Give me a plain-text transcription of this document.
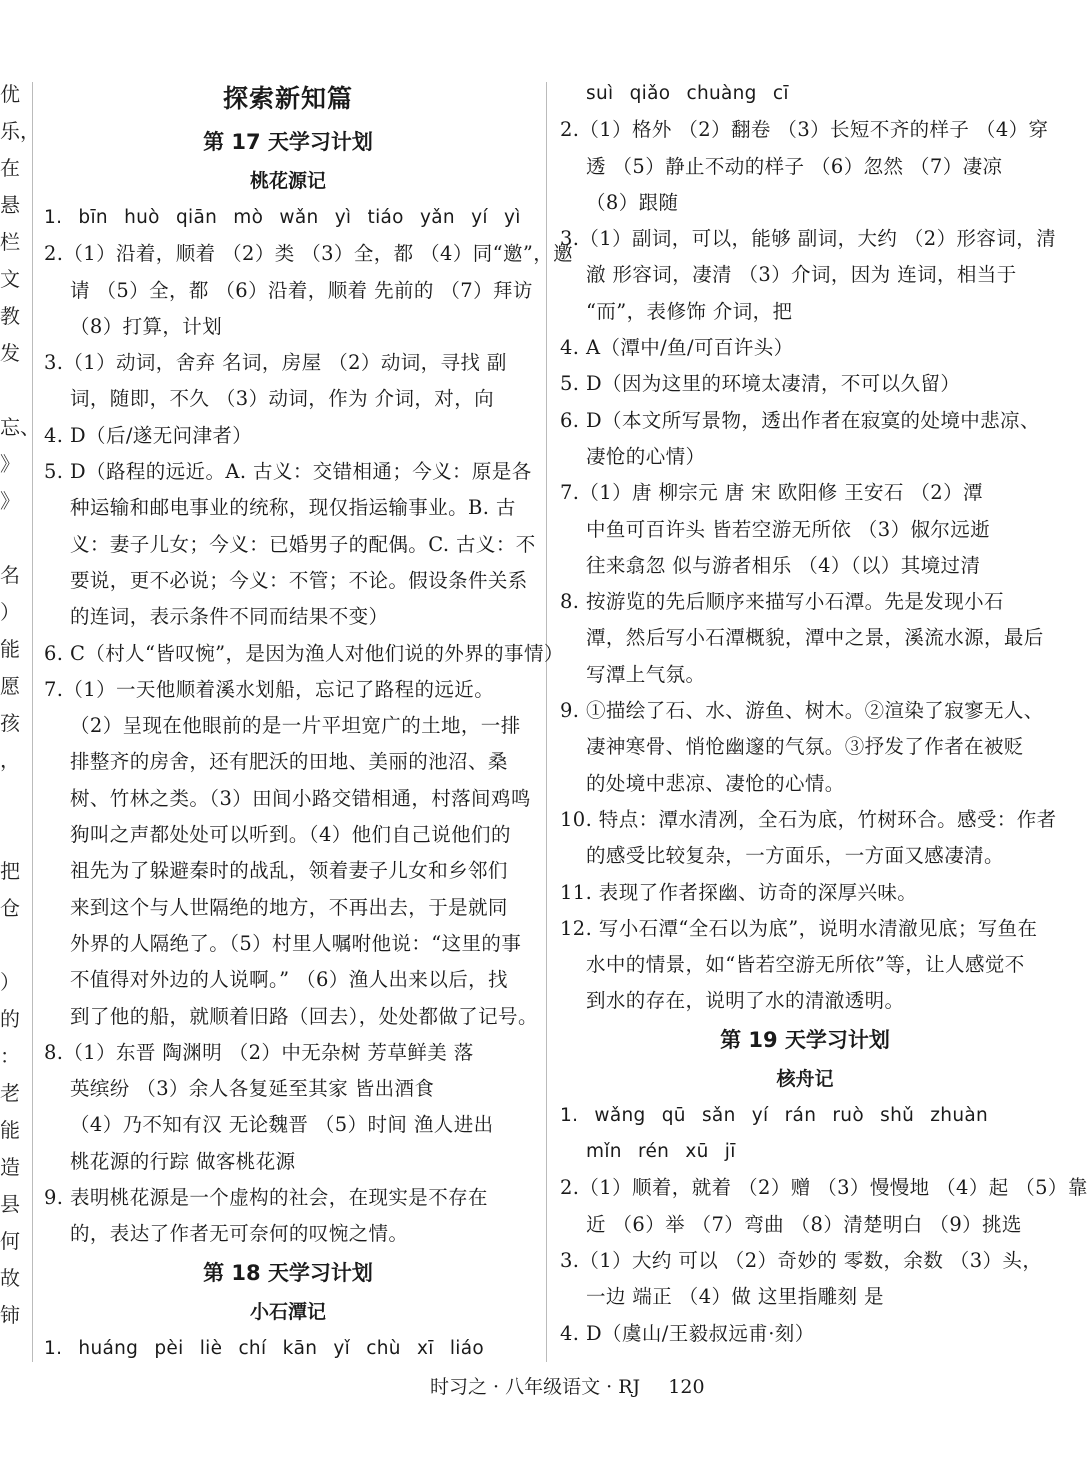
优
乐，
在
悬
栏
文
教
发
忘、
》
》
名
）
能
愿
孩
，
把
仓
）
的
：
老
能
造
县
何
故
铈
探索新知篇
第 17 天学习计划
桃花源记
1. bīn huò qiān mò wǎn yì tiáo yǎn yí yì
2.（1）沿着，顺着 （2）类 （3）全，都 （4）同“邀”，邀
请 （5）全，都 （6）沿着，顺着 先前的 （7）拜访
（8）打算，计划
3.（1）动词，舍弃 名词，房屋 （2）动词，寻找 副
词，随即，不久 （3）动词，作为 介词，对，向
4. D（后/遂无问津者）
5. D（路程的远近。A. 古义：交错相通；今义：原是各
种运输和邮电事业的统称，现仅指运输事业。B. 古
义：妻子儿女；今义：已婚男子的配偶。C. 古义：不
要说，更不必说；今义：不管；不论。假设条件关系
的连词，表示条件不同而结果不变）
6. C（村人“皆叹惋”，是因为渔人对他们说的外界的事情）
7.（1）一天他顺着溪水划船，忘记了路程的远近。
（2）呈现在他眼前的是一片平坦宽广的土地，一排
排整齐的房舍，还有肥沃的田地、美丽的池沼、桑
树、竹林之类。（3）田间小路交错相通，村落间鸡鸣
狗叫之声都处处可以听到。（4）他们自己说他们的
祖先为了躲避秦时的战乱，领着妻子儿女和乡邻们
来到这个与人世隔绝的地方，不再出去，于是就同
外界的人隔绝了。（5）村里人嘱咐他说：“这里的事
不值得对外边的人说啊。” （6）渔人出来以后，找
到了他的船，就顺着旧路（回去），处处都做了记号。
8.（1）东晋 陶渊明 （2）中无杂树 芳草鲜美 落
英缤纷 （3）余人各复延至其家 皆出酒食
（4）乃不知有汉 无论魏晋 （5）时间 渔人进出
桃花源的行踪 做客桃花源
9. 表明桃花源是一个虚构的社会，在现实是不存在
的，表达了作者无可奈何的叹惋之情。
第 18 天学习计划
小石潭记
1. huáng pèi liè chí kān yǐ chù xī liáo
suì qiǎo chuàng cī
2.（1）格外 （2）翻卷 （3）长短不齐的样子 （4）穿
透 （5）静止不动的样子 （6）忽然 （7）凄凉
（8）跟随
3.（1）副词，可以，能够 副词，大约 （2）形容词，清
澈 形容词，凄清 （3）介词，因为 连词，相当于
“而”，表修饰 介词，把
4. A（潭中/鱼/可百许头）
5. D（因为这里的环境太凄清，不可以久留）
6. D（本文所写景物，透出作者在寂寞的处境中悲凉、
凄怆的心情）
7.（1）唐 柳宗元 唐 宋 欧阳修 王安石 （2）潭
中鱼可百许头 皆若空游无所依 （3）俶尔远逝
往来翕忽 似与游者相乐 （4）（以）其境过清
8. 按游览的先后顺序来描写小石潭。先是发现小石
潭，然后写小石潭概貌，潭中之景，溪流水源，最后
写潭上气氛。
9. ①描绘了石、水、游鱼、树木。②渲染了寂寥无人、
凄神寒骨、悄怆幽邃的气氛。③抒发了作者在被贬
的处境中悲凉、凄怆的心情。
10. 特点：潭水清冽，全石为底，竹树环合。感受：作者
的感受比较复杂，一方面乐，一方面又感凄清。
11. 表现了作者探幽、访奇的深厚兴味。
12. 写小石潭“全石以为底”，说明水清澈见底；写鱼在
水中的情景，如“皆若空游无所依”等，让人感觉不
到水的存在，说明了水的清澈透明。
第 19 天学习计划
核舟记
1. wǎng qū sǎn yí rán ruò shǔ zhuàn
mǐn rén xū jī
2.（1）顺着，就着 （2）赠 （3）慢慢地 （4）起 （5）靠
近 （6）举 （7）弯曲 （8）清楚明白 （9）挑选
3.（1）大约 可以 （2）奇妙的 零数，余数 （3）头，
一边 端正 （4）做 这里指雕刻 是
4. D（虞山/王毅叔远甫·刻）
时习之 · 八年级语文 · RJ 120
